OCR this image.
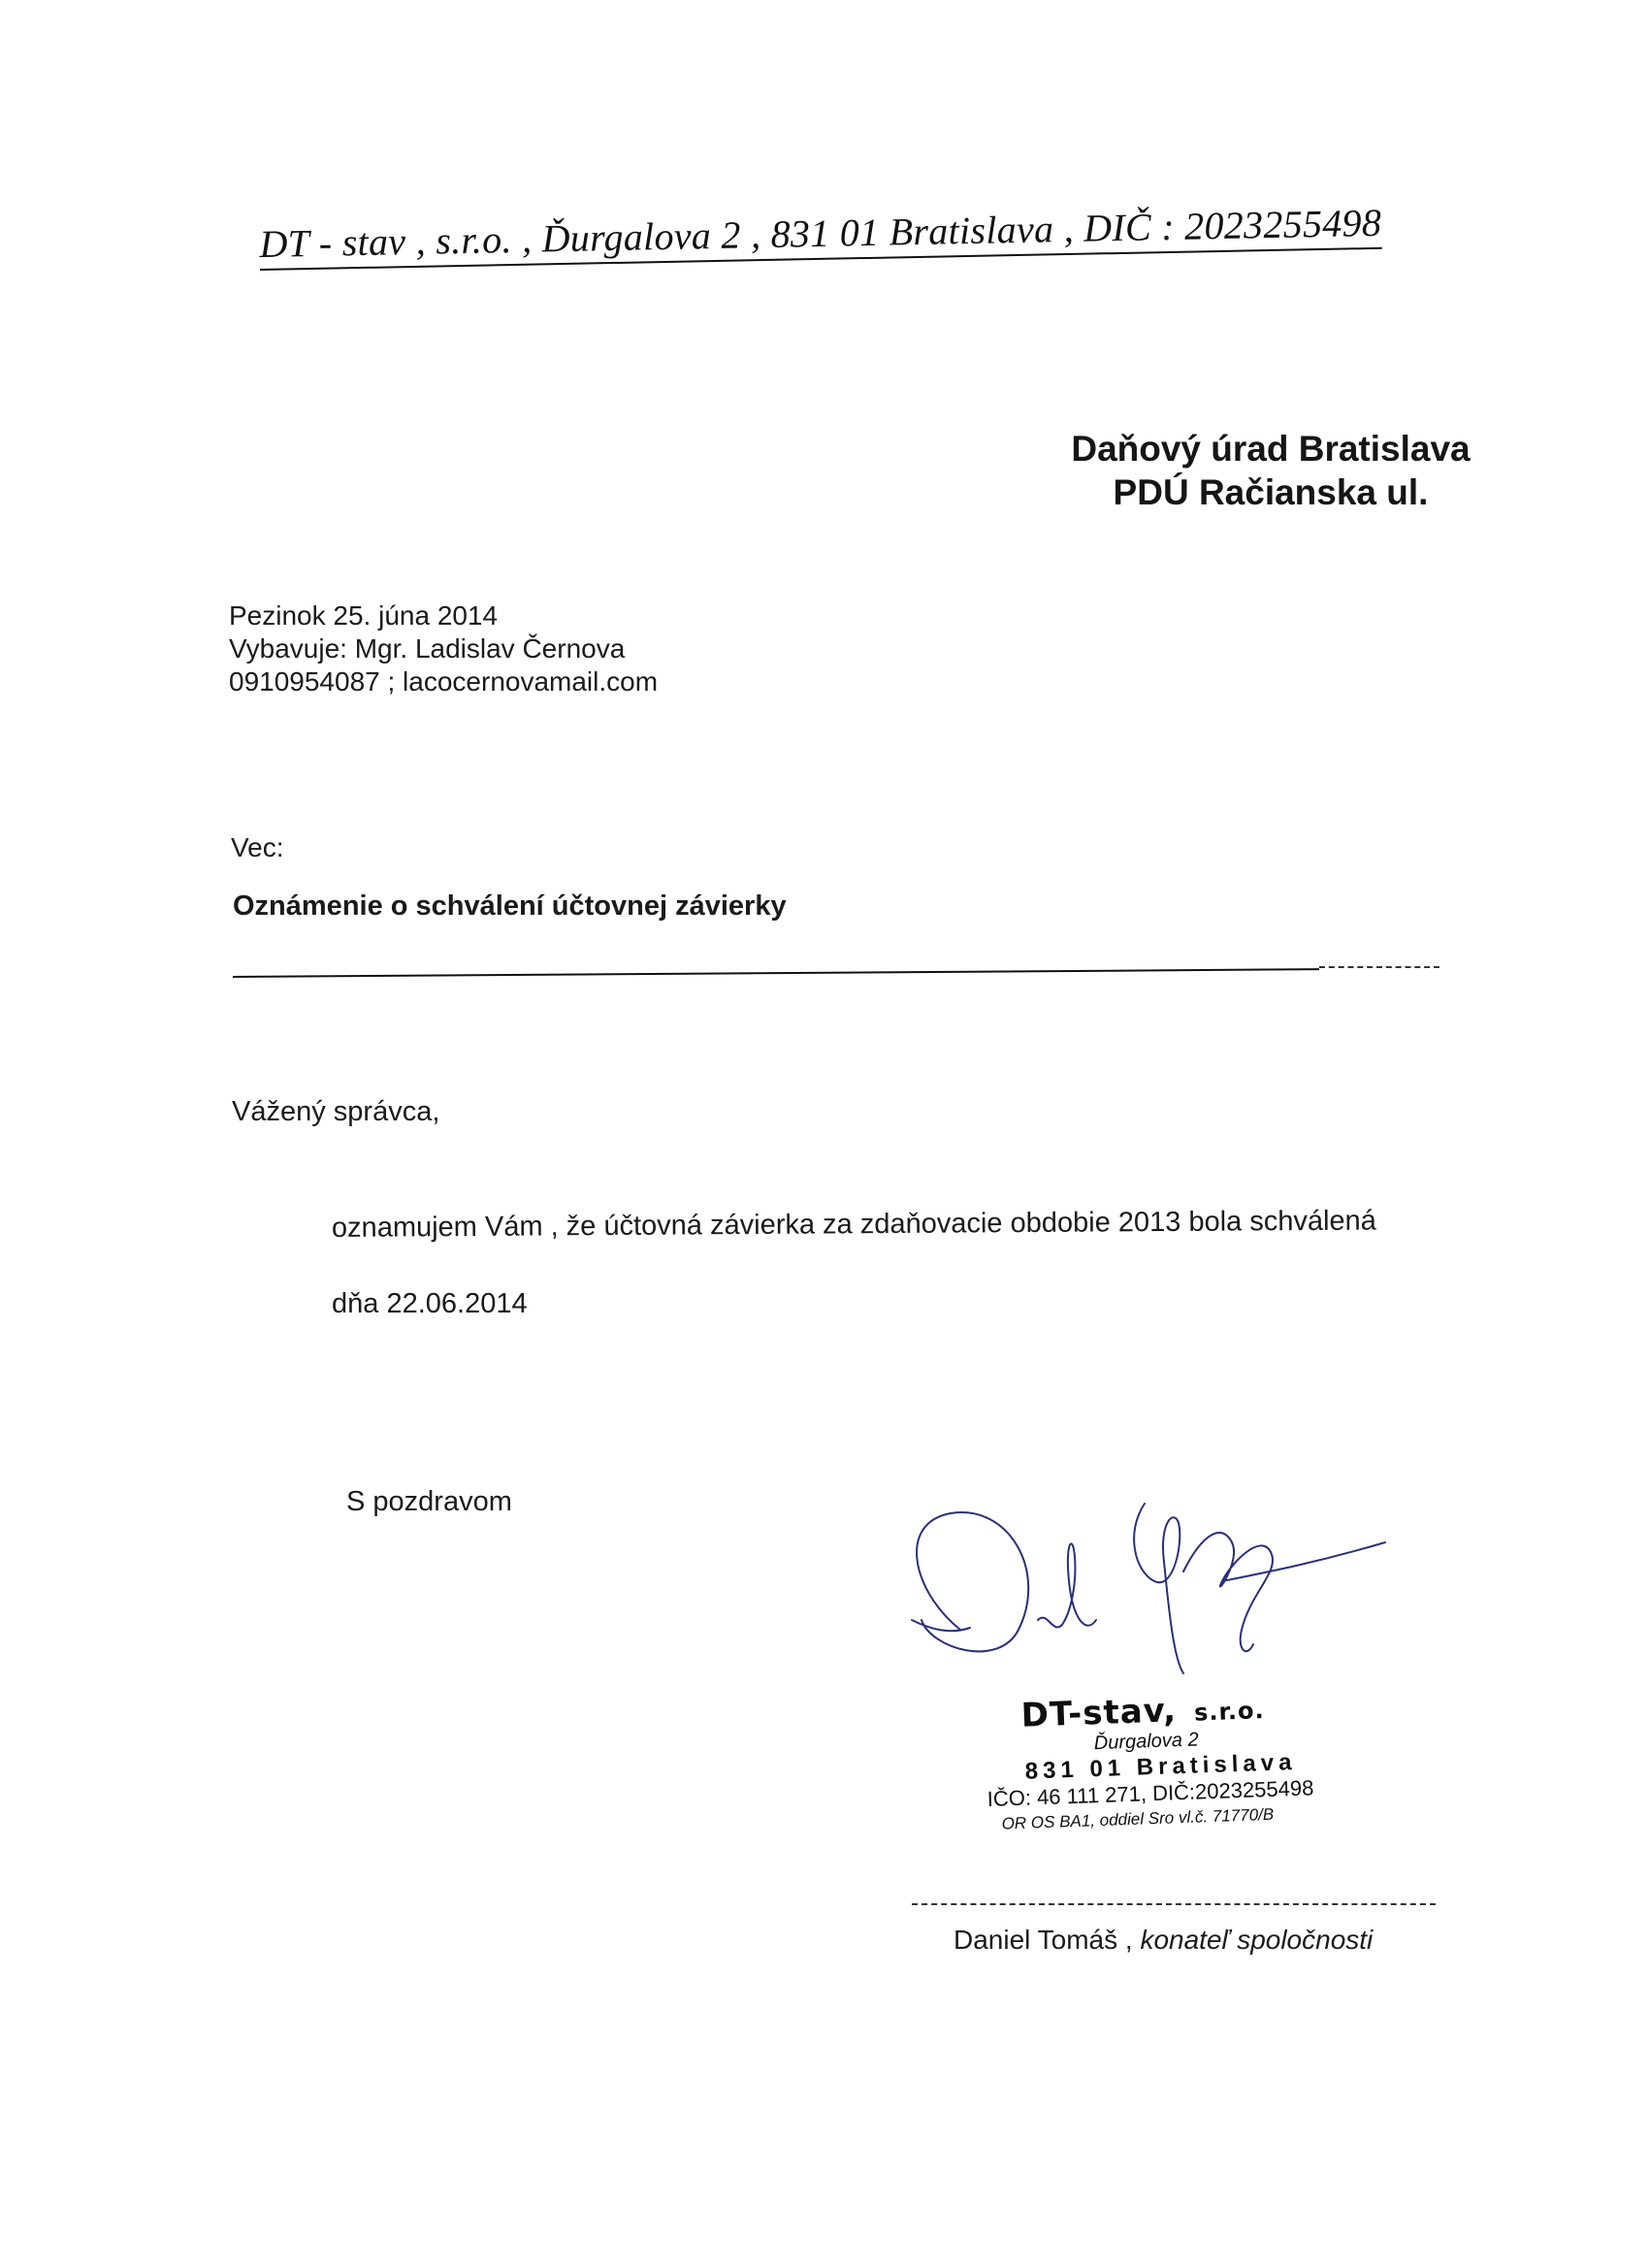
DT - stav , s.r.o. , Ďurgalova 2 , 831 01 Bratislava , DIČ : 2023255498
Daňový úrad Bratislava
PDÚ Račianska ul.
Pezinok 25. júna 2014
Vybavuje: Mgr. Ladislav Černova
0910954087 ; lacocernovamail.com
Vec:
Oznámenie o schválení účtovnej závierky
Vážený správca,
oznamujem Vám , že účtovná závierka za zdaňovacie obdobie 2013 bola schválená
dňa 22.06.2014
S pozdravom
DT-stav, s.r.o.
Ďurgalova 2
831 01 Bratislava
IČO: 46 111 271, DIČ:2023255498
OR OS BA1, oddiel Sro vl.č. 71770/B
Daniel Tomáš , konateľ spoločnosti
